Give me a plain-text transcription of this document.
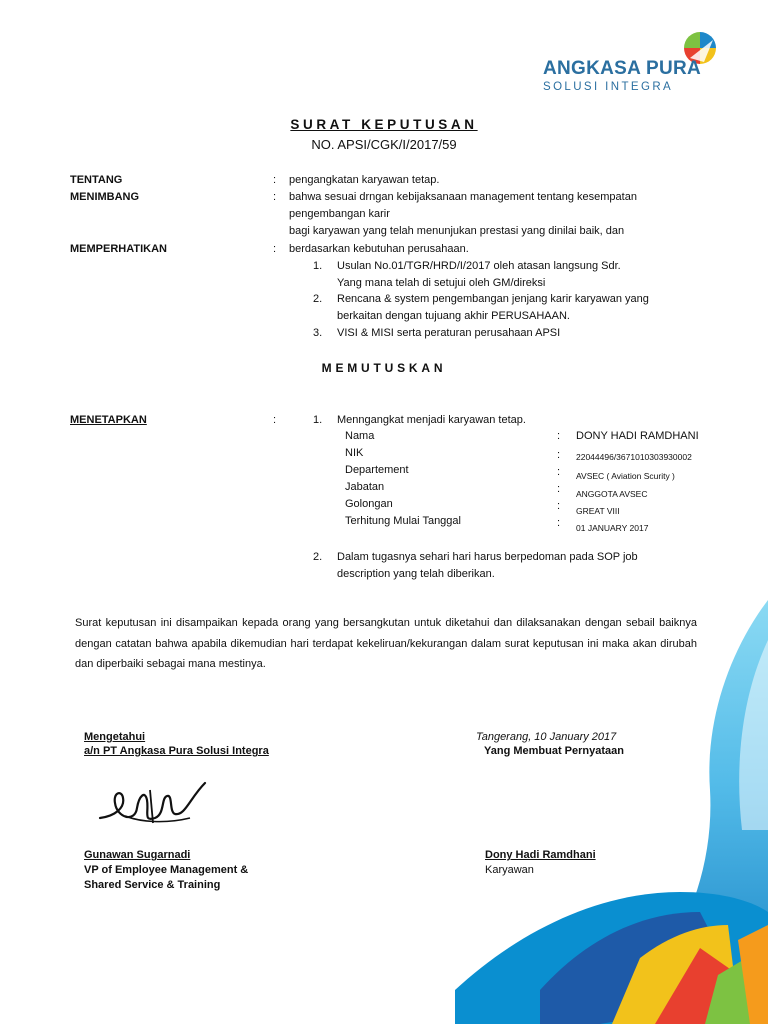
ANGKASA PURA
SOLUSI INTEGRA
SURAT KEPUTUSAN
NO. APSI/CGK/I/2017/59
TENTANG	: pengangkatan karyawan tetap.
MENIMBANG	: bahwa sesuai drngan kebijaksanaan management tentang kesempatan
pengembangan karir
bagi karyawan yang telah menunjukan prestasi yang dinilai baik, dan
MEMPERHATIKAN	: berdasarkan kebutuhan perusahaan.
1. Usulan No.01/TGR/HRD/I/2017 oleh atasan langsung Sdr.
Yang mana telah di setujui oleh GM/direksi
2. Rencana & system pengembangan jenjang karir karyawan yang
berkaitan dengan tujuang akhir PERUSAHAAN.
3. VISI & MISI serta peraturan perusahaan APSI
MEMUTUSKAN
MENETAPKAN	:	1. Menngangkat menjadi karyawan tetap.
Nama	: DONY HADI RAMDHANI
NIK	: 22044496/3671010303930002
Departement	: AVSEC ( Aviation Scurity )
Jabatan	: ANGGOTA AVSEC
Golongan	: GREAT VIII
Terhitung Mulai Tanggal	: 01 JANUARY 2017
2. Dalam tugasnya sehari hari harus berpedoman pada SOP job
description yang telah diberikan.
Surat keputusan ini disampaikan kepada orang yang bersangkutan untuk diketahui dan dilaksanakan dengan sebail baiknya dengan catatan bahwa apabila dikemudian hari terdapat kekeliruan/kekurangan dalam surat keputusan ini maka akan dirubah dan diperbaiki sebagai mana mestinya.
Mengetahui
a/n PT Angkasa Pura Solusi Integra
Gunawan Sugarnadi
VP of Employee Management &
Shared Service & Training
Tangerang, 10 January 2017
Yang Membuat Pernyataan
Dony Hadi Ramdhani
Karyawan
